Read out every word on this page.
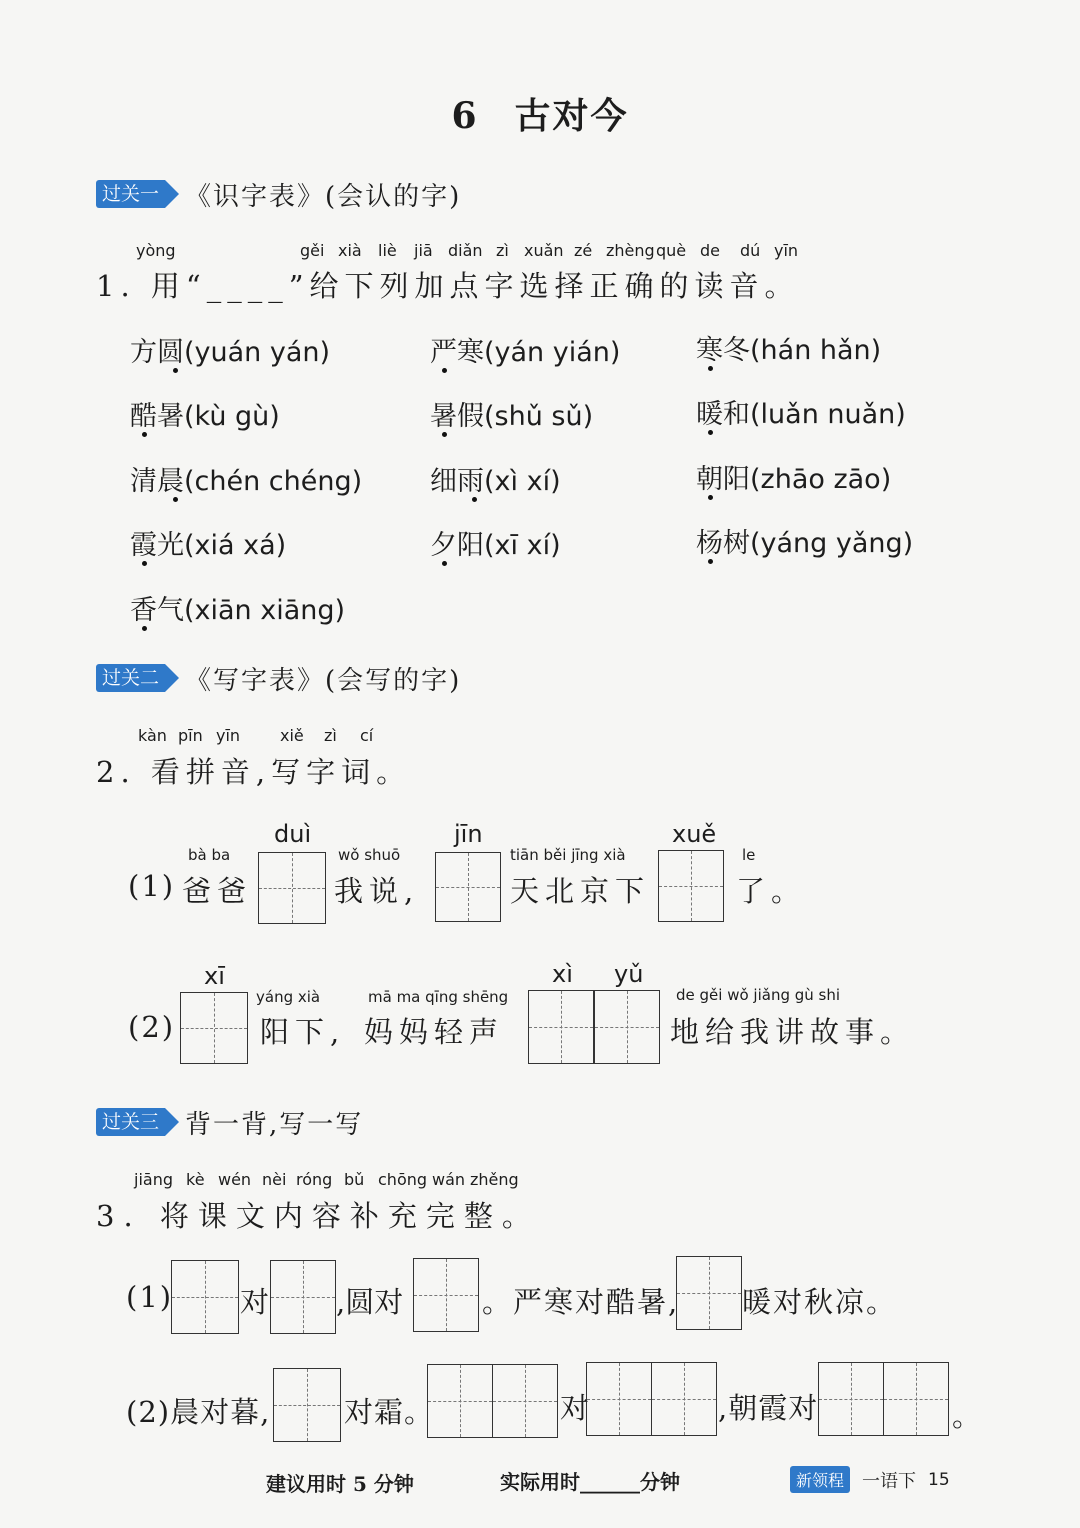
6 古对今
过关一 《识字表》(会认的字)
yòng	gěi xià liè jiā diǎn zì xuǎn zé zhèng què de dú yīn
1. 用“____”给下列加点字选择正确的读音。
方圆(yuán yán)	严寒(yán yián)	寒冬(hán hǎn)
酷暑(kù gù)	暑假(shǔ sǔ)	暖和(luǎn nuǎn)
清晨(chén chéng)	细雨(xì xí)	朝阳(zhāo zāo)
霞光(xiá xá)	夕阳(xī xí)	杨树(yáng yǎng)
香气(xiān xiāng)
过关二 《写字表》(会写的字)
kàn pīn yīn xiě zì cí
2. 看拼音,写字词。
(1)
bà ba
爸爸
duì
wǒ shuō
我说,
jīn
tiān běi jīng xià
天北京下
xuě
le
了。
(2)
xī
yáng xià
阳下,
mā ma qīng shēng
妈妈轻声
xì yǔ
de gěi wǒ jiǎng gù shi
地给我讲故事。
过关三 背一背,写一写
jiāng kè wén nèi róng bǔ chōng wán zhěng
3. 将课文内容补充完整。
(1) 对 ,圆对	。严寒对酷暑, 暖对秋凉。
(2)晨对暮,	对霜。	对	,朝霞对	。
建议用时 5 分钟	实际用时______分钟	新领程	一语下 15
